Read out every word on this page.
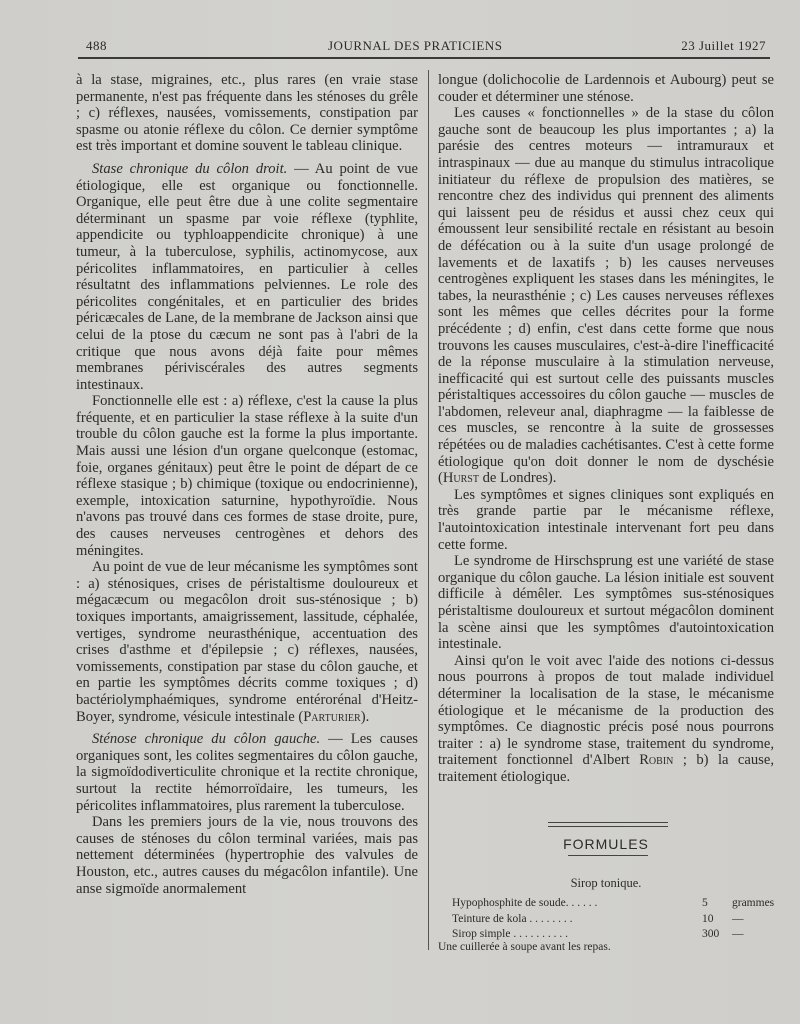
488	JOURNAL DES PRATICIENS	23 Juillet 1927

à la stase, migraines, etc., plus rares (en vraie stase permanente, n'est pas fréquente dans les sténoses du grêle ; c) réflexes, nausées, vomissements, constipation par spasme ou atonie réflexe du côlon. Ce dernier symptôme est très important et domine souvent le tableau clinique.

Stase chronique du côlon droit. — Au point de vue étiologique, elle est organique ou fonctionnelle. Organique, elle peut être due à une colite segmentaire déterminant un spasme par voie réflexe (typhlite, appendicite ou typhloappendicite chronique) à une tumeur, à la tuberculose, syphilis, actinomycose, aux péricolites inflammatoires, en particulier à celles résultatnt des inflammations pelviennes. Le role des péricolites congénitales, et en particulier des brides péricæcales de Lane, de la membrane de Jackson ainsi que celui de la ptose du cæcum ne sont pas à l'abri de la critique que nous avons déjà faite pour mêmes membranes périviscérales des autres segments intestinaux.

Fonctionnelle elle est : a) réflexe, c'est la cause la plus fréquente, et en particulier la stase réflexe à la suite d'un trouble du côlon gauche est la forme la plus importante. Mais aussi une lésion d'un organe quelconque (estomac, foie, organes génitaux) peut être le point de départ de ce réflexe stasique ; b) chimique (toxique ou endocrinienne), exemple, intoxication saturnine, hypothyroïdie. Nous n'avons pas trouvé dans ces formes de stase droite, pure, des causes nerveuses centrogènes et dehors des méningites.

Au point de vue de leur mécanisme les symptômes sont : a) sténosiques, crises de péristaltisme douloureux et mégacæcum ou megacôlon droit sus-sténosique ; b) toxiques importants, amaigrissement, lassitude, céphalée, vertiges, syndrome neurasthénique, accentuation des crises d'asthme et d'épilepsie ; c) réflexes, nausées, vomissements, constipation par stase du côlon gauche, et en partie les symptômes décrits comme toxiques ; d) bactériolymphaémiques, syndrome entérorénal d'Heitz-Boyer, syndrome, vésicule intestinale (Parturier).

Sténose chronique du côlon gauche. — Les causes organiques sont, les colites segmentaires du côlon gauche, la sigmoïdodiverticulite chronique et la rectite chronique, surtout la rectite hémorroïdaire, les tumeurs, les péricolites inflammatoires, plus rarement la tuberculose.

Dans les premiers jours de la vie, nous trouvons des causes de sténoses du côlon terminal variées, mais pas nettement déterminées (hypertrophie des valvules de Houston, etc., autres causes du mégacôlon infantile). Une anse sigmoïde anormalement

longue (dolichocolie de Lardennois et Aubourg) peut se couder et déterminer une sténose.

Les causes « fonctionnelles » de la stase du côlon gauche sont de beaucoup les plus importantes ; a) la parésie des centres moteurs — intramuraux et intraspinaux — due au manque du stimulus intracolique initiateur du réflexe de propulsion des matières, se rencontre chez des individus qui prennent des aliments qui laissent peu de résidus et aussi chez ceux qui émoussent leur sensibilité rectale en résistant au besoin de défécation ou à la suite d'un usage prolongé de lavements et de laxatifs ; b) les causes nerveuses centrogènes expliquent les stases dans les méningites, le tabes, la neurasthénie ; c) Les causes nerveuses réflexes sont les mêmes que celles décrites pour la forme précédente ; d) enfin, c'est dans cette forme que nous trouvons les causes musculaires, c'est-à-dire l'inefficacité de la réponse musculaire à la stimulation nerveuse, inefficacité qui est surtout celle des puissants muscles péristaltiques accessoires du côlon gauche — muscles de l'abdomen, releveur anal, diaphragme — la faiblesse de ces muscles, se rencontre à la suite de grossesses répétées ou de maladies cachétisantes. C'est à cette forme étiologique qu'on doit donner le nom de dyschésie (Hurst de Londres).

Les symptômes et signes cliniques sont expliqués en très grande partie par le mécanisme réflexe, l'autointoxication intestinale intervenant fort peu dans cette forme.

Le syndrome de Hirschsprung est une variété de stase organique du côlon gauche. La lésion initiale est souvent difficile à démêler. Les symptômes sus-sténosiques péristaltisme douloureux et surtout mégacôlon dominent la scène ainsi que les symptômes d'autointoxication intestinale.

Ainsi qu'on le voit avec l'aide des notions ci-dessus nous pourrons à propos de tout malade individuel déterminer la localisation de la stase, le mécanisme étiologique et le mécanisme de la production des symptômes. Ce diagnostic précis posé nous pourrons traiter : a) le syndrome stase, traitement du syndrome, traitement fonctionnel d'Albert Robin ; b) la cause, traitement étiologique.

FORMULES
Sirop tonique.
Hypophosphite de soude. . . . . .	5 grammes
Teinture de kola . . . . . . . .	10 —
Sirop simple . . . . . . . . . .	300 —
Une cuillerée à soupe avant les repas.
